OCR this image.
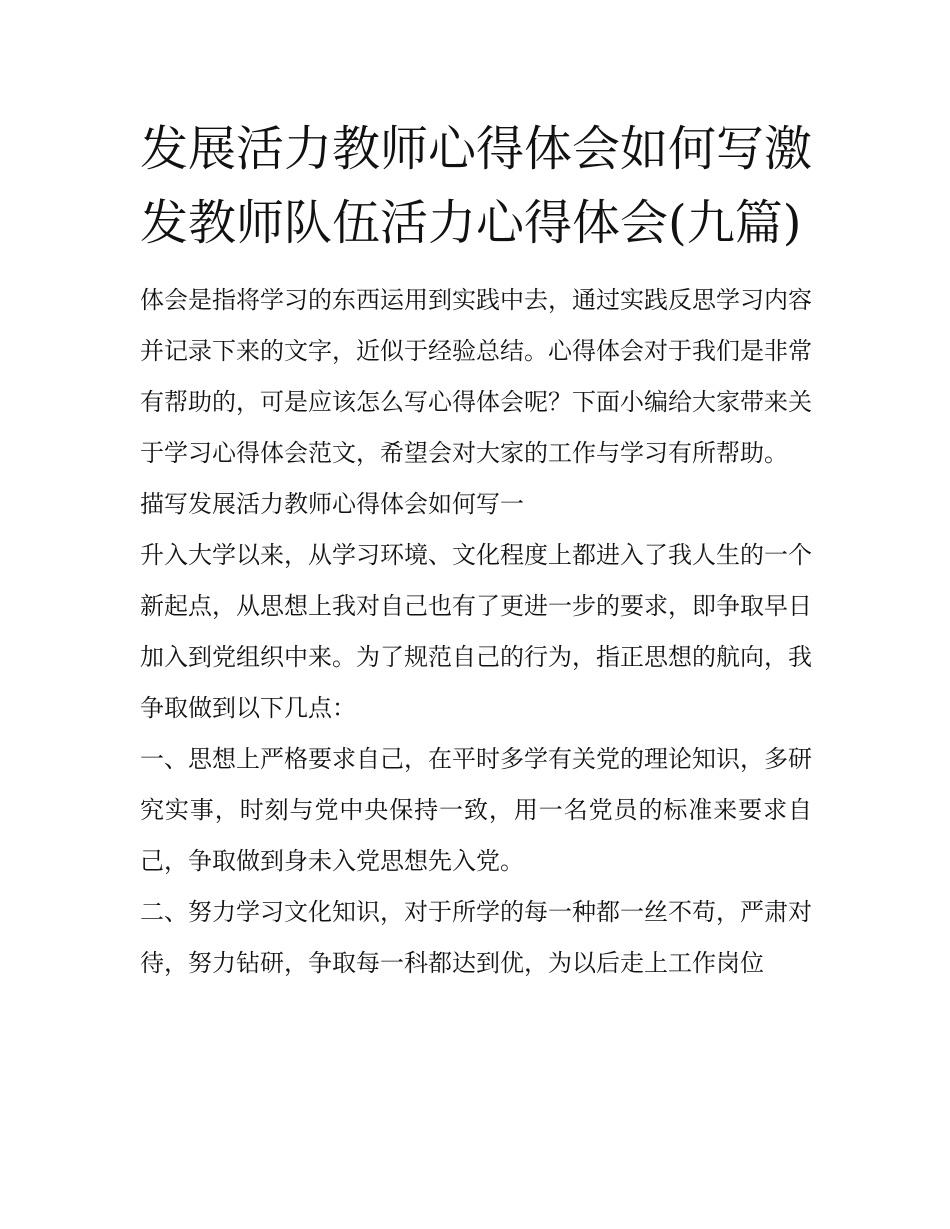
发展活力教师心得体会如何写激发教师队伍活力心得体会(九篇)

体会是指将学习的东西运用到实践中去，通过实践反思学习内容并记录下来的文字，近似于经验总结。心得体会对于我们是非常有帮助的，可是应该怎么写心得体会呢？下面小编给大家带来关于学习心得体会范文，希望会对大家的工作与学习有所帮助。

描写发展活力教师心得体会如何写一

升入大学以来，从学习环境、文化程度上都进入了我人生的一个新起点，从思想上我对自己也有了更进一步的要求，即争取早日加入到党组织中来。为了规范自己的行为，指正思想的航向，我争取做到以下几点：

一、思想上严格要求自己，在平时多学有关党的理论知识，多研究实事，时刻与党中央保持一致，用一名党员的标准来要求自己，争取做到身未入党思想先入党。

二、努力学习文化知识，对于所学的每一种都一丝不苟，严肃对待，努力钻研，争取每一科都达到优，为以后走上工作岗位
